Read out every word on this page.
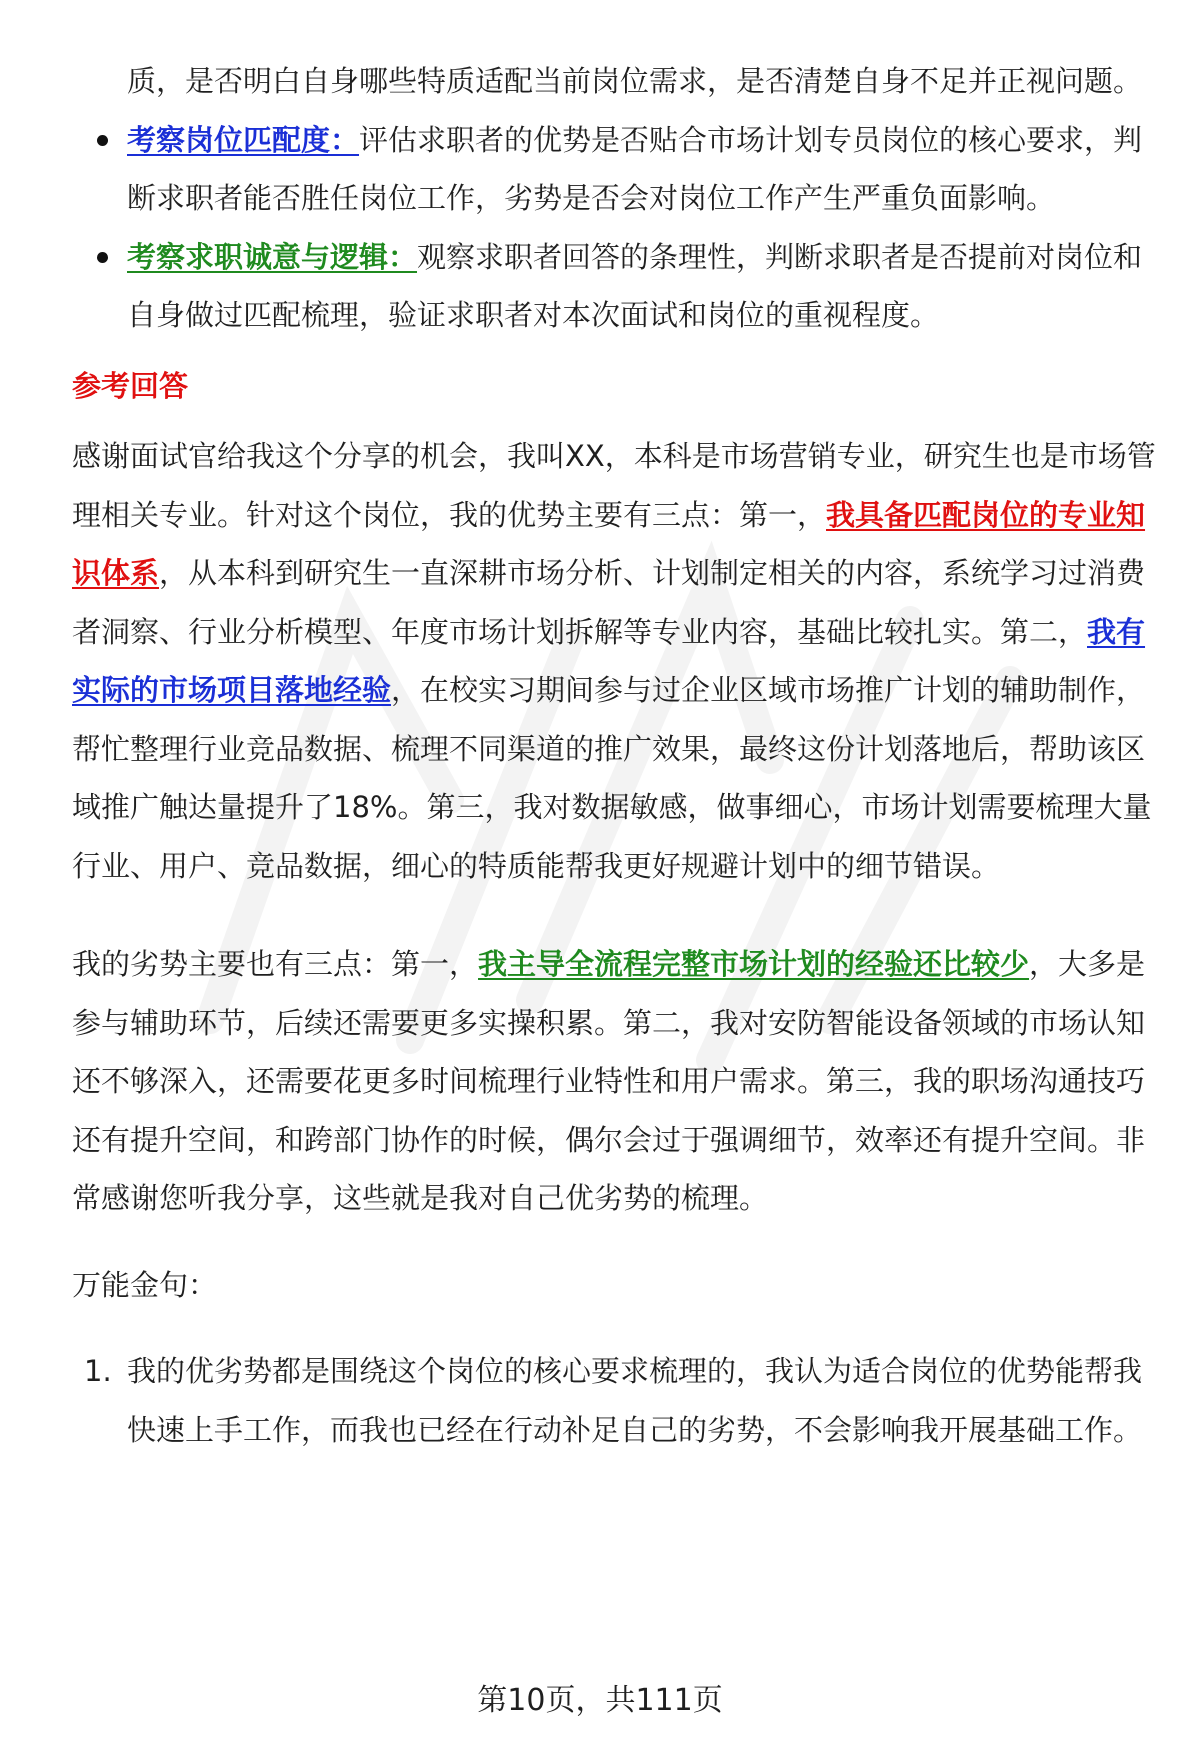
质，是否明白自身哪些特质适配当前岗位需求，是否清楚自身不足并正视问题。

考察岗位匹配度：评估求职者的优势是否贴合市场计划专员岗位的核心要求，判断求职者能否胜任岗位工作，劣势是否会对岗位工作产生严重负面影响。
考察求职诚意与逻辑：观察求职者回答的条理性，判断求职者是否提前对岗位和自身做过匹配梳理，验证求职者对本次面试和岗位的重视程度。

参考回答

感谢面试官给我这个分享的机会，我叫XX，本科是市场营销专业，研究生也是市场管理相关专业。针对这个岗位，我的优势主要有三点：第一，我具备匹配岗位的专业知识体系，从本科到研究生一直深耕市场分析、计划制定相关的内容，系统学习过消费者洞察、行业分析模型、年度市场计划拆解等专业内容，基础比较扎实。第二，我有实际的市场项目落地经验，在校实习期间参与过企业区域市场推广计划的辅助制作，帮忙整理行业竞品数据、梳理不同渠道的推广效果，最终这份计划落地后，帮助该区域推广触达量提升了18%。第三，我对数据敏感，做事细心，市场计划需要梳理大量行业、用户、竞品数据，细心的特质能帮我更好规避计划中的细节错误。

我的劣势主要也有三点：第一，我主导全流程完整市场计划的经验还比较少，大多是参与辅助环节，后续还需要更多实操积累。第二，我对安防智能设备领域的市场认知还不够深入，还需要花更多时间梳理行业特性和用户需求。第三，我的职场沟通技巧还有提升空间，和跨部门协作的时候，偶尔会过于强调细节，效率还有提升空间。非常感谢您听我分享，这些就是我对自己优劣势的梳理。

万能金句：

1. 我的优劣势都是围绕这个岗位的核心要求梳理的，我认为适合岗位的优势能帮我快速上手工作，而我也已经在行动补足自己的劣势，不会影响我开展基础工作。
第10页，共111页
